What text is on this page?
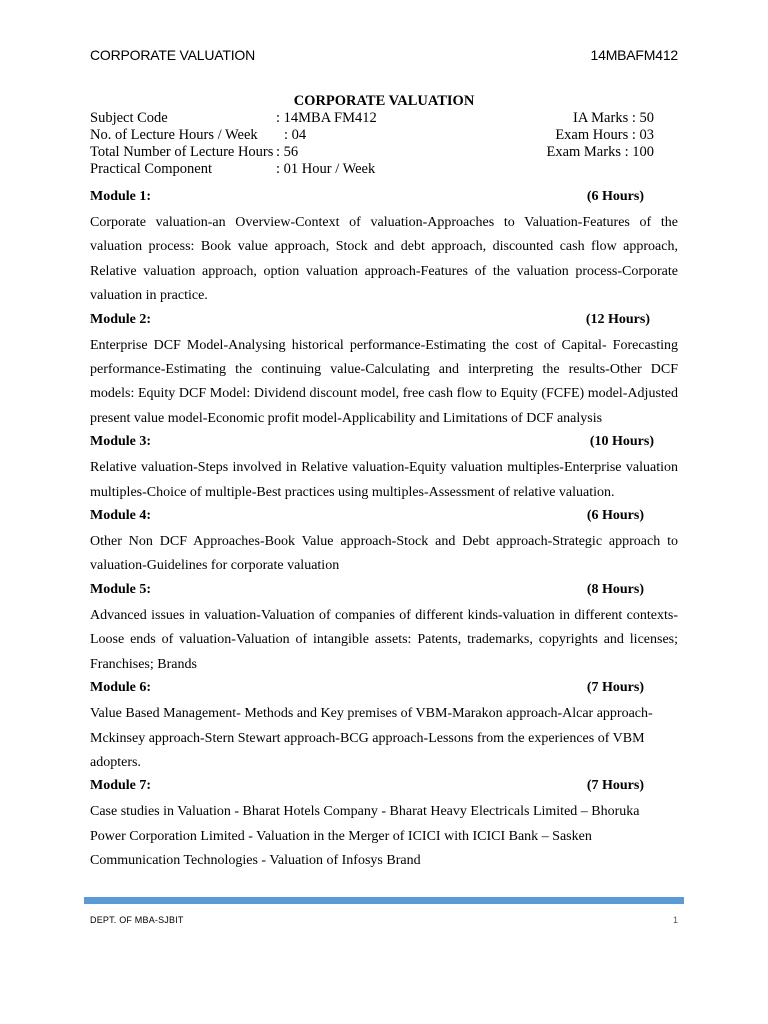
CORPORATE VALUATION	14MBAFM412
CORPORATE VALUATION
Subject Code	: 14MBA FM412	IA Marks : 50
No. of Lecture Hours / Week : 04	Exam Hours : 03
Total Number of Lecture Hours : 56	Exam Marks : 100
Practical Component	: 01 Hour / Week
Module 1:	(6 Hours)

Corporate valuation-an Overview-Context of valuation-Approaches to Valuation-Features of the valuation process: Book value approach, Stock and debt approach, discounted cash flow approach, Relative valuation approach, option valuation approach-Features of the valuation process-Corporate valuation in practice.

Module 2:	(12 Hours)

Enterprise DCF Model-Analysing historical performance-Estimating the cost of Capital- Forecasting performance-Estimating the continuing value-Calculating and interpreting the results-Other DCF models: Equity DCF Model: Dividend discount model, free cash flow to Equity (FCFE) model-Adjusted present value model-Economic profit model-Applicability and Limitations of DCF analysis

Module 3:	(10 Hours)

Relative valuation-Steps involved in Relative valuation-Equity valuation multiples-Enterprise valuation multiples-Choice of multiple-Best practices using multiples-Assessment of relative valuation.

Module 4:	(6 Hours)

Other Non DCF Approaches-Book Value approach-Stock and Debt approach-Strategic approach to valuation-Guidelines for corporate valuation

Module 5:	(8 Hours)

Advanced issues in valuation-Valuation of companies of different kinds-valuation in different contexts-Loose ends of valuation-Valuation of intangible assets: Patents, trademarks, copyrights and licenses; Franchises; Brands

Module 6:	(7 Hours)

Value Based Management- Methods and Key premises of VBM-Marakon approach-Alcar approach-Mckinsey approach-Stern Stewart approach-BCG approach-Lessons from the experiences of VBM adopters.

Module 7:	(7 Hours)

Case studies in Valuation - Bharat Hotels Company - Bharat Heavy Electricals Limited – Bhoruka Power Corporation Limited - Valuation in the Merger of ICICI with ICICI Bank – Sasken Communication Technologies - Valuation of Infosys Brand

DEPT. OF MBA-SJBIT	1
